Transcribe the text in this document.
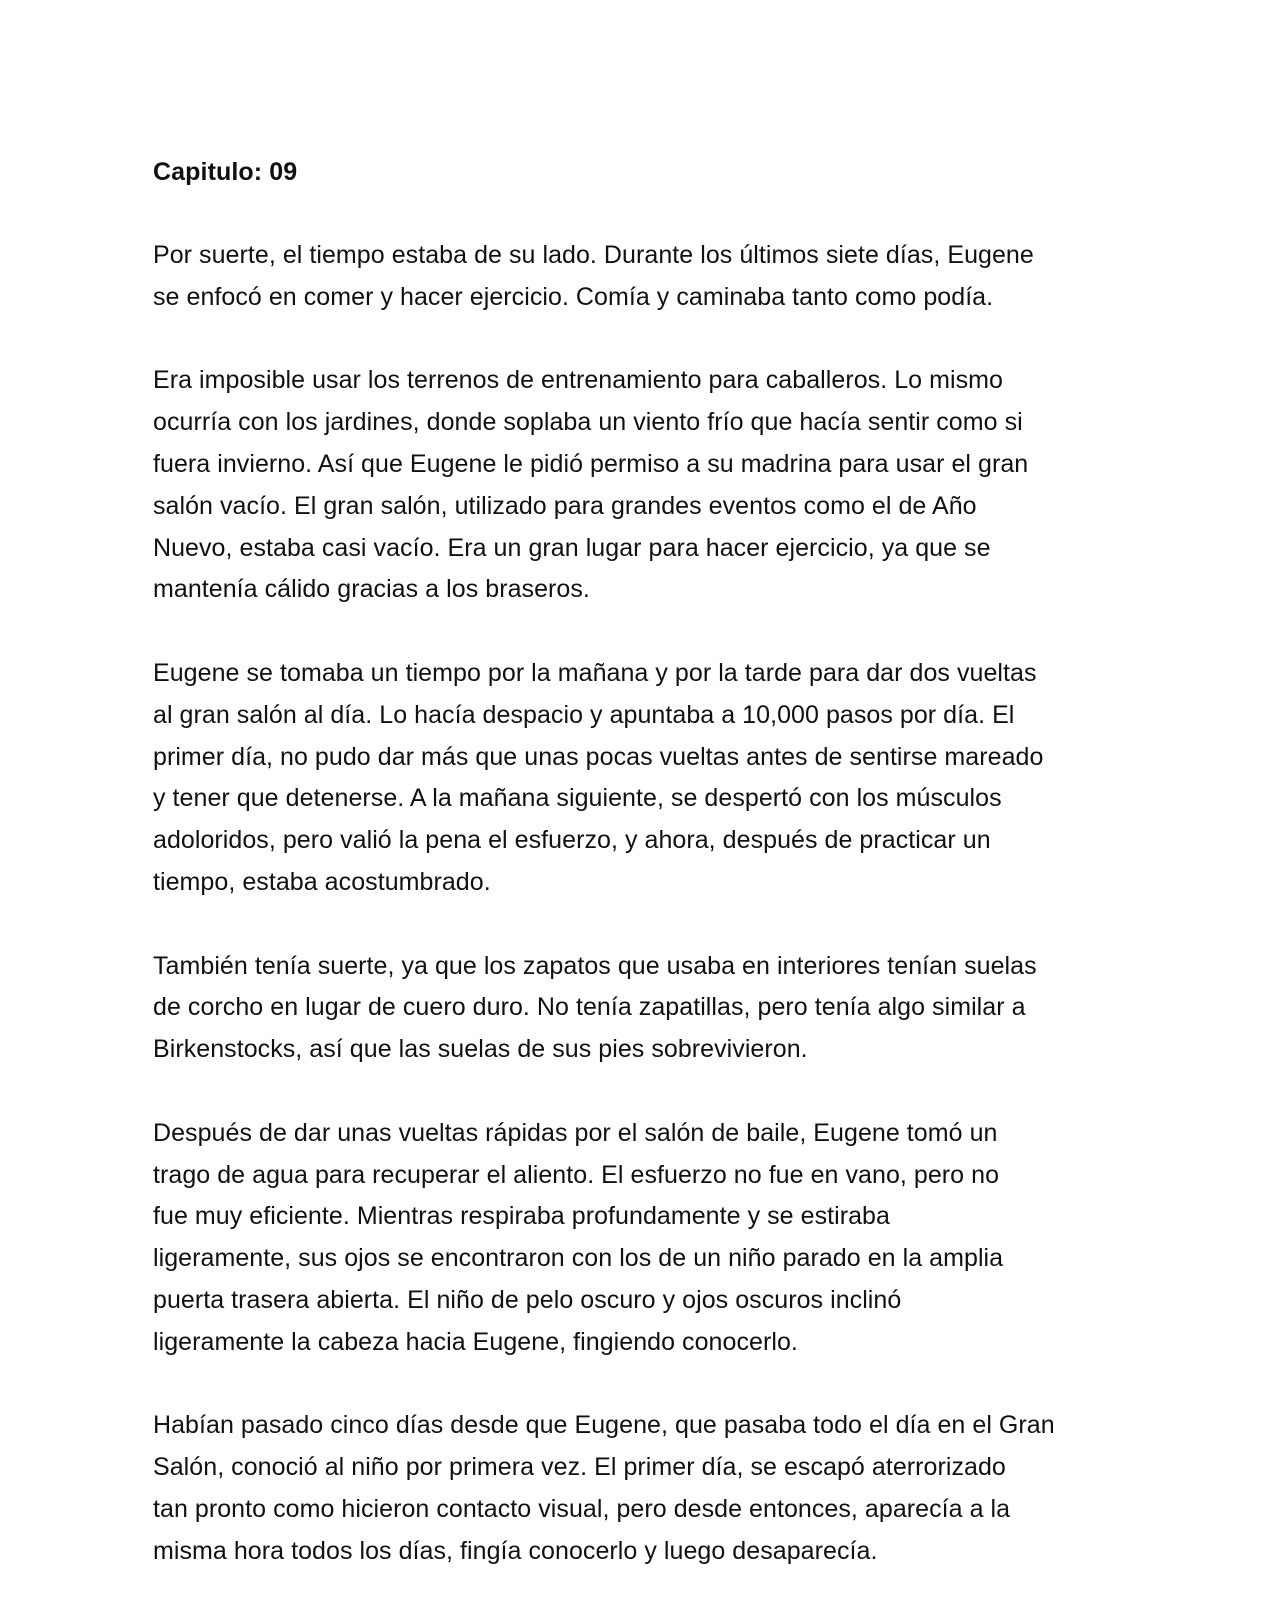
Capitulo: 09
Por suerte, el tiempo estaba de su lado. Durante los últimos siete días, Eugene
se enfocó en comer y hacer ejercicio. Comía y caminaba tanto como podía.
Era imposible usar los terrenos de entrenamiento para caballeros. Lo mismo
ocurría con los jardines, donde soplaba un viento frío que hacía sentir como si
fuera invierno. Así que Eugene le pidió permiso a su madrina para usar el gran
salón vacío. El gran salón, utilizado para grandes eventos como el de Año
Nuevo, estaba casi vacío. Era un gran lugar para hacer ejercicio, ya que se
mantenía cálido gracias a los braseros.
Eugene se tomaba un tiempo por la mañana y por la tarde para dar dos vueltas
al gran salón al día. Lo hacía despacio y apuntaba a 10,000 pasos por día. El
primer día, no pudo dar más que unas pocas vueltas antes de sentirse mareado
y tener que detenerse. A la mañana siguiente, se despertó con los músculos
adoloridos, pero valió la pena el esfuerzo, y ahora, después de practicar un
tiempo, estaba acostumbrado.
También tenía suerte, ya que los zapatos que usaba en interiores tenían suelas
de corcho en lugar de cuero duro. No tenía zapatillas, pero tenía algo similar a
Birkenstocks, así que las suelas de sus pies sobrevivieron.
Después de dar unas vueltas rápidas por el salón de baile, Eugene tomó un
trago de agua para recuperar el aliento. El esfuerzo no fue en vano, pero no
fue muy eficiente. Mientras respiraba profundamente y se estiraba
ligeramente, sus ojos se encontraron con los de un niño parado en la amplia
puerta trasera abierta. El niño de pelo oscuro y ojos oscuros inclinó
ligeramente la cabeza hacia Eugene, fingiendo conocerlo.
Habían pasado cinco días desde que Eugene, que pasaba todo el día en el Gran
Salón, conoció al niño por primera vez. El primer día, se escapó aterrorizado
tan pronto como hicieron contacto visual, pero desde entonces, aparecía a la
misma hora todos los días, fingía conocerlo y luego desaparecía.
